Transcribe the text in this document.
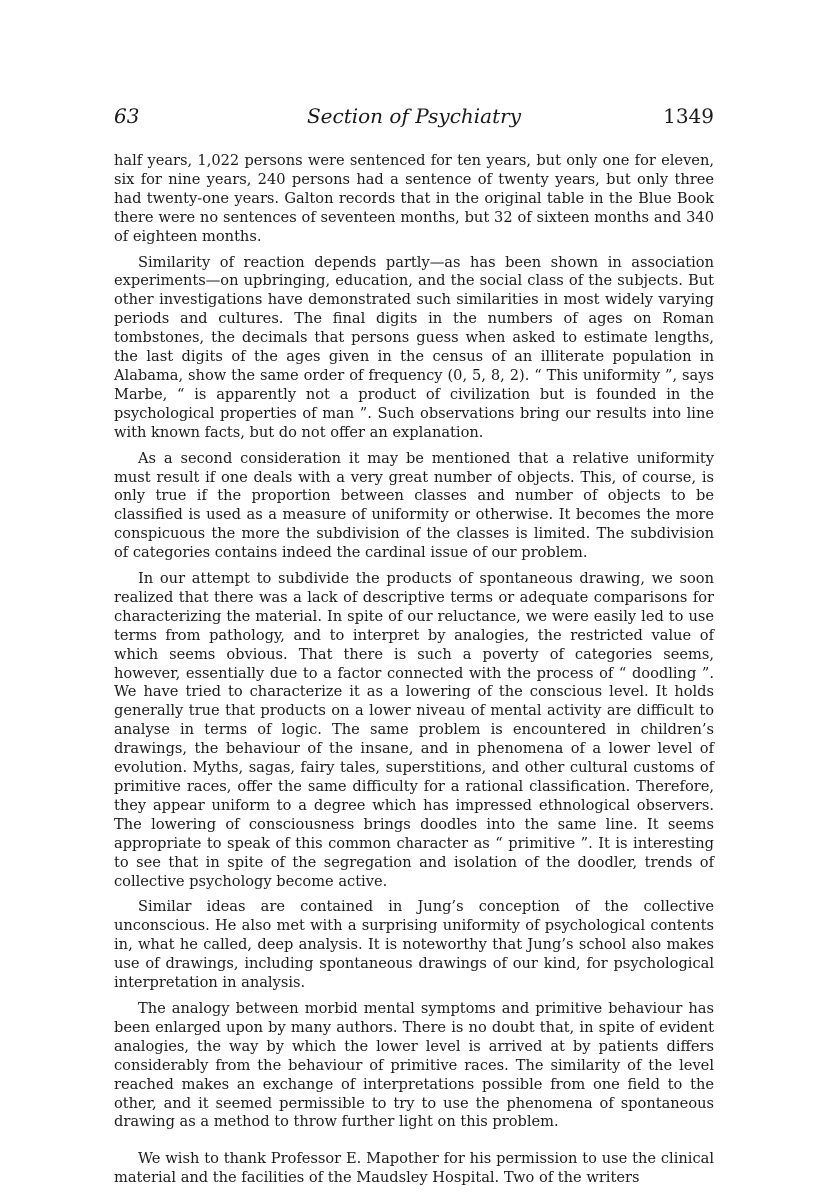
63	Section of Psychiatry	1349

half years, 1,022 persons were sentenced for ten years, but only one for eleven, six for nine years, 240 persons had a sentence of twenty years, but only three had twenty-one years. Galton records that in the original table in the Blue Book there were no sentences of seventeen months, but 32 of sixteen months and 340 of eighteen months.

Similarity of reaction depends partly—as has been shown in association experiments—on upbringing, education, and the social class of the subjects. But other investigations have demonstrated such similarities in most widely varying periods and cultures. The final digits in the numbers of ages on Roman tombstones, the decimals that persons guess when asked to estimate lengths, the last digits of the ages given in the census of an illiterate population in Alabama, show the same order of frequency (0, 5, 8, 2). “ This uniformity ”, says Marbe, “ is apparently not a product of civilization but is founded in the psychological properties of man ”. Such observations bring our results into line with known facts, but do not offer an explanation.

As a second consideration it may be mentioned that a relative uniformity must result if one deals with a very great number of objects. This, of course, is only true if the proportion between classes and number of objects to be classified is used as a measure of uniformity or otherwise. It becomes the more conspicuous the more the subdivision of the classes is limited. The subdivision of categories contains indeed the cardinal issue of our problem.

In our attempt to subdivide the products of spontaneous drawing, we soon realized that there was a lack of descriptive terms or adequate comparisons for characterizing the material. In spite of our reluctance, we were easily led to use terms from pathology, and to interpret by analogies, the restricted value of which seems obvious. That there is such a poverty of categories seems, however, essentially due to a factor connected with the process of “ doodling ”. We have tried to characterize it as a lowering of the conscious level. It holds generally true that products on a lower niveau of mental activity are difficult to analyse in terms of logic. The same problem is encountered in children’s drawings, the behaviour of the insane, and in phenomena of a lower level of evolution. Myths, sagas, fairy tales, superstitions, and other cultural customs of primitive races, offer the same difficulty for a rational classification. Therefore, they appear uniform to a degree which has impressed ethnological observers. The lowering of consciousness brings doodles into the same line. It seems appropriate to speak of this common character as “ primitive ”. It is interesting to see that in spite of the segregation and isolation of the doodler, trends of collective psychology become active.

Similar ideas are contained in Jung’s conception of the collective unconscious. He also met with a surprising uniformity of psychological contents in, what he called, deep analysis. It is noteworthy that Jung’s school also makes use of drawings, including spontaneous drawings of our kind, for psychological interpretation in analysis.

The analogy between morbid mental symptoms and primitive behaviour has been enlarged upon by many authors. There is no doubt that, in spite of evident analogies, the way by which the lower level is arrived at by patients differs considerably from the behaviour of primitive races. The similarity of the level reached makes an exchange of interpretations possible from one field to the other, and it seemed permissible to try to use the phenomena of spontaneous drawing as a method to throw further light on this problem.

We wish to thank Professor E. Mapother for his permission to use the clinical material and the facilities of the Maudsley Hospital. Two of the writers
